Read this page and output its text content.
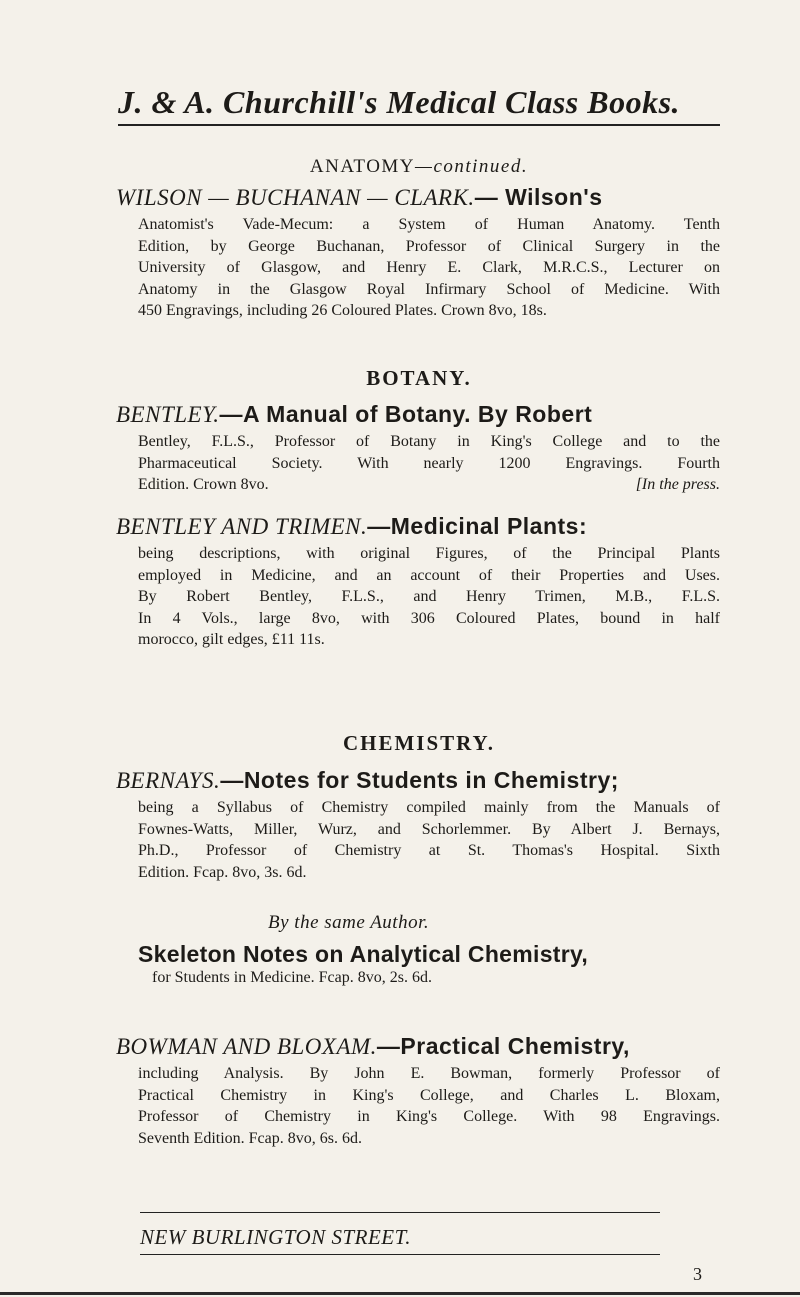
J. & A. Churchill's Medical Class Books.
ANATOMY—continued.
WILSON — BUCHANAN — CLARK.— Wilson's
Anatomist's Vade-Mecum: a System of Human Anatomy. Tenth
Edition, by George Buchanan, Professor of Clinical Surgery in the
University of Glasgow, and Henry E. Clark, M.R.C.S., Lecturer on
Anatomy in the Glasgow Royal Infirmary School of Medicine. With
450 Engravings, including 26 Coloured Plates. Crown 8vo, 18s.
BOTANY.
BENTLEY.—A Manual of Botany. By Robert
Bentley, F.L.S., Professor of Botany in King's College and to the
Pharmaceutical Society. With nearly 1200 Engravings. Fourth
Edition. Crown 8vo.	[In the press.
BENTLEY AND TRIMEN.—Medicinal Plants:
being descriptions, with original Figures, of the Principal Plants
employed in Medicine, and an account of their Properties and Uses.
By Robert Bentley, F.L.S., and Henry Trimen, M.B., F.L.S.
In 4 Vols., large 8vo, with 306 Coloured Plates, bound in half
morocco, gilt edges, £11 11s.
CHEMISTRY.
BERNAYS.—Notes for Students in Chemistry;
being a Syllabus of Chemistry compiled mainly from the Manuals of
Fownes-Watts, Miller, Wurz, and Schorlemmer. By Albert J. Bernays,
Ph.D., Professor of Chemistry at St. Thomas's Hospital. Sixth
Edition. Fcap. 8vo, 3s. 6d.
By the same Author.
Skeleton Notes on Analytical Chemistry,
for Students in Medicine. Fcap. 8vo, 2s. 6d.
BOWMAN AND BLOXAM.—Practical Chemistry,
including Analysis. By John E. Bowman, formerly Professor of
Practical Chemistry in King's College, and Charles L. Bloxam,
Professor of Chemistry in King's College. With 98 Engravings.
Seventh Edition. Fcap. 8vo, 6s. 6d.
NEW BURLINGTON STREET.
3
